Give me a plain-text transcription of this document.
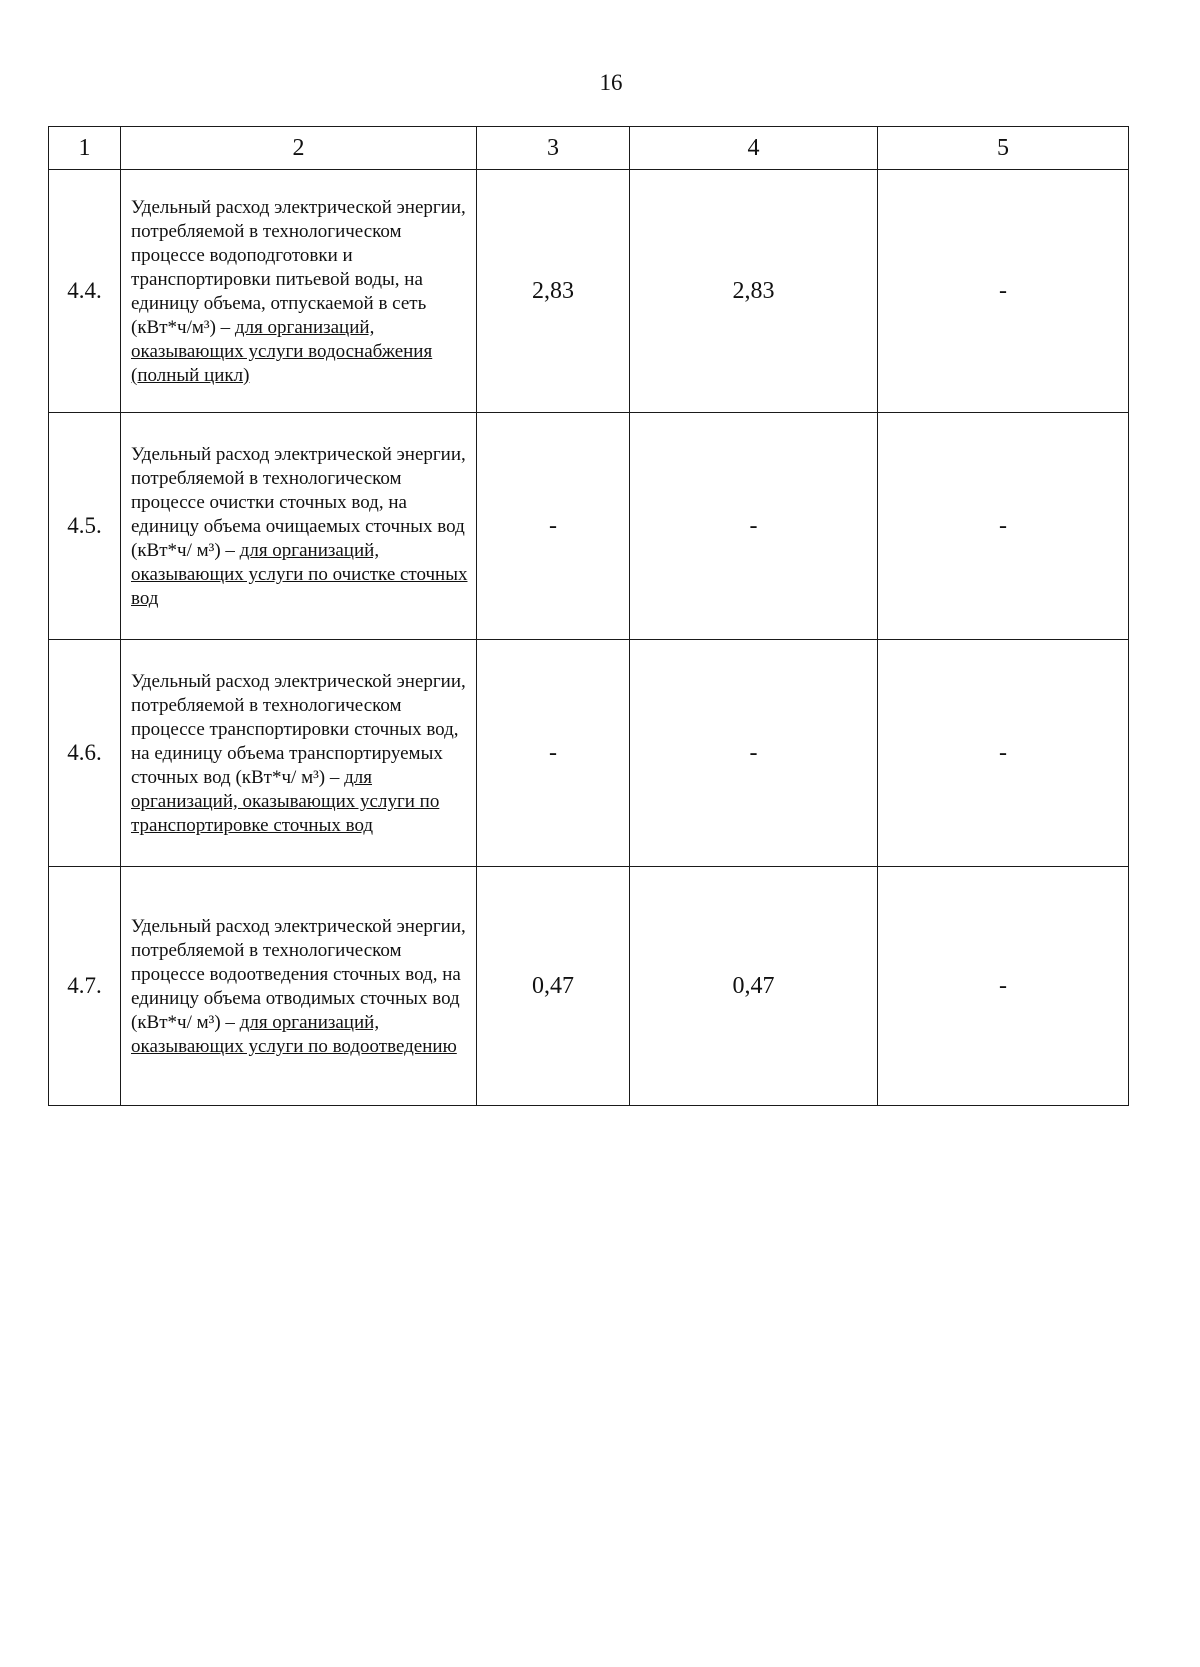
16
1	2	3	4	5
4.4.	Удельный расход электрической энергии, потребляемой в технологическом процессе водоподготовки и транспортировки питьевой воды, на единицу объема, отпускаемой в сеть (кВт*ч/м³) – для организаций, оказывающих услуги водоснабжения (полный цикл)	2,83	2,83	-
4.5.	Удельный расход электрической энергии, потребляемой в технологическом процессе очистки сточных вод, на единицу объема очищаемых сточных вод (кВт*ч/ м³) – для организаций, оказывающих услуги по очистке сточных вод	-	-	-
4.6.	Удельный расход электрической энергии, потребляемой в технологическом процессе транспортировки сточных вод, на единицу объема транспортируемых сточных вод (кВт*ч/ м³) – для организаций, оказывающих услуги по транспортировке сточных вод	-	-	-
4.7.	Удельный расход электрической энергии, потребляемой в технологическом процессе водоотведения сточных вод, на единицу объема отводимых сточных вод (кВт*ч/ м³) – для организаций, оказывающих услуги по водоотведению	0,47	0,47	-
